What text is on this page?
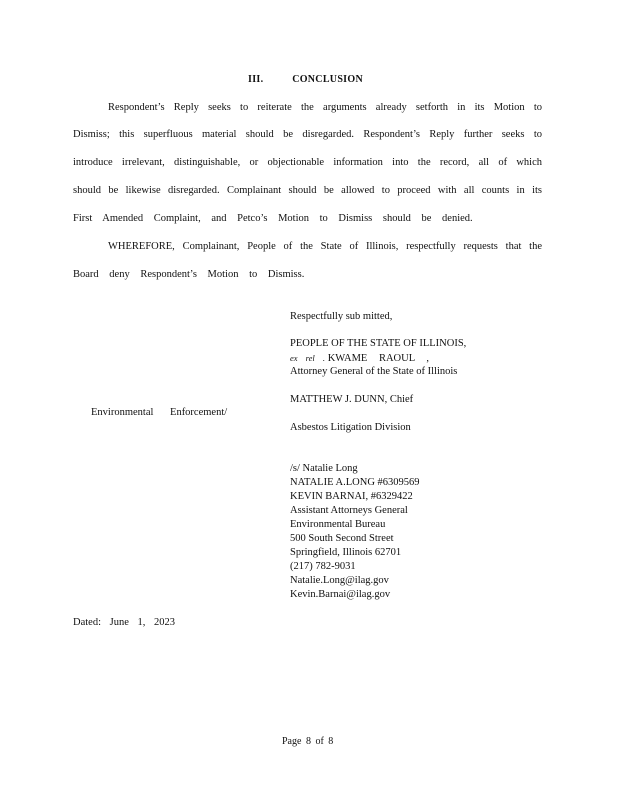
III.	CONCLUSION
Respondent’s Reply seeks to reiterate the arguments already setforth in its Motion to
Dismiss; this superfluous material should be disregarded. Respondent’s Reply further seeks to
introduce irrelevant, distinguishable, or objectionable information into the record, all of which
should be likewise disregarded. Complainant should be allowed to proceed with all counts in its
First Amended Complaint, and Petco’s Motion to Dismiss should be denied.
WHEREFORE, Complainant, People of the State of Illinois, respectfully requests that the
Board deny Respondent’s Motion to Dismiss.
Respectfully sub mitted,
PEOPLE OF THE STATE OF ILLINOIS,
ex rel . KWAME RAOUL ,
Attorney General of the State of Illinois
MATTHEW J. DUNN, Chief
Environmental Enforcement/
Asbestos Litigation Division
/s/ Natalie Long
NATALIE A.LONG #6309569
KEVIN BARNAI, #6329422
Assistant Attorneys General
Environmental Bureau
500 South Second Street
Springfield, Illinois 62701
(217) 782-9031
Natalie.Long@ilag.gov
Kevin.Barnai@ilag.gov
Dated: June 1, 2023
Page 8 of 8
